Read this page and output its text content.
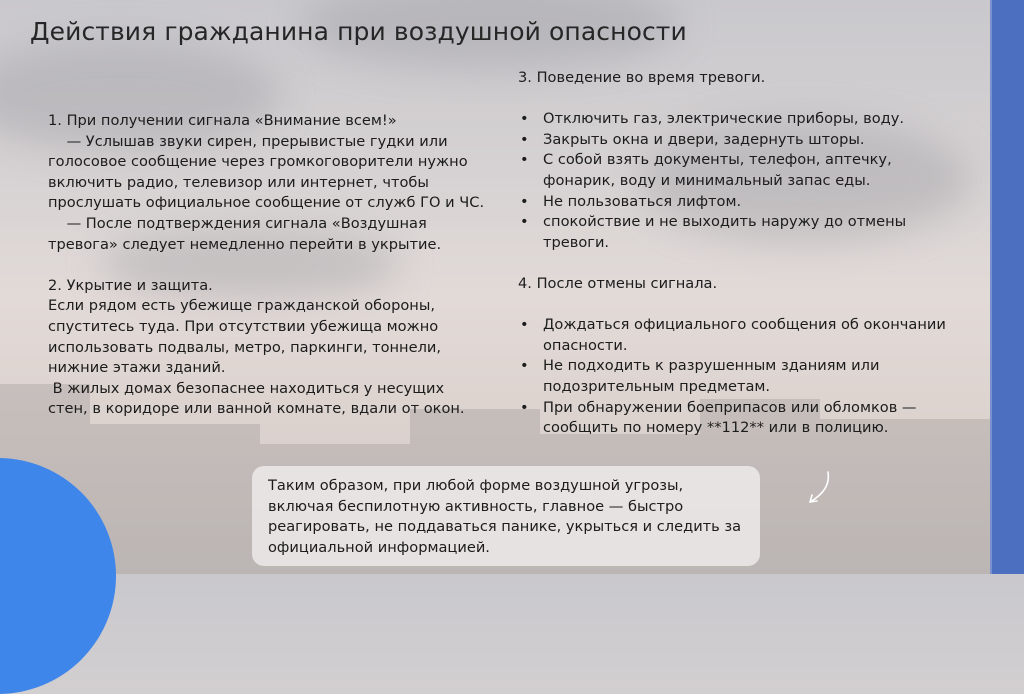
Действия гражданина при воздушной опасности

1. При получении сигнала «Внимание всем!»

— Услышав звуки сирен, прерывистые гудки или голосовое сообщение через громкоговорители нужно включить радио, телевизор или интернет, чтобы прослушать официальное сообщение от служб ГО и ЧС.

— После подтверждения сигнала «Воздушная тревога» следует немедленно перейти в укрытие.

2. Укрытие и защита.

Если рядом есть убежище гражданской обороны, спуститесь туда. При отсутствии убежища можно использовать подвалы, метро, паркинги, тоннели, нижние этажи зданий.

В жилых домах безопаснее находиться у несущих стен, в коридоре или ванной комнате, вдали от окон.

3. Поведение во время тревоги.

• Отключить газ, электрические приборы, воду.
• Закрыть окна и двери, задернуть шторы.
• С собой взять документы, телефон, аптечку, фонарик, воду и минимальный запас еды.
• Не пользоваться лифтом.
• спокойствие и не выходить наружу до отмены тревоги.

4. После отмены сигнала.

• Дождаться официального сообщения об окончании опасности.
• Не подходить к разрушенным зданиям или подозрительным предметам.
• При обнаружении боеприпасов или обломков — сообщить по номеру **112** или в полицию.

Таким образом, при любой форме воздушной угрозы, включая беспилотную активность, главное — быстро реагировать, не поддаваться панике, укрыться и следить за официальной информацией.
